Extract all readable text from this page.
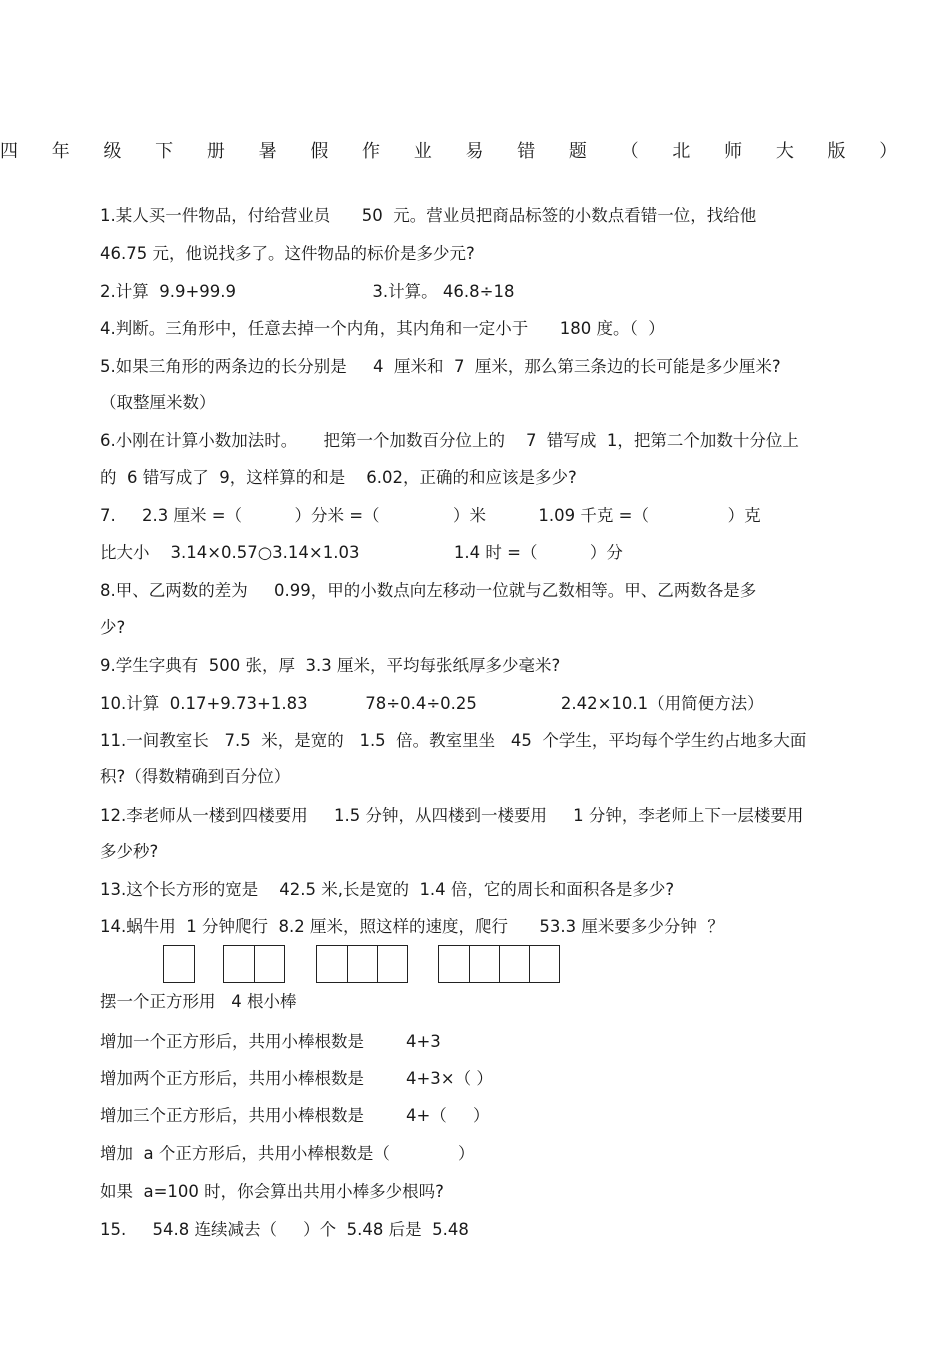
四 年 级 下 册 暑 假 作 业 易 错 题 （ 北 师 大 版 ）
1.某人买一件物品，付给营业员      50  元。营业员把商品标签的小数点看错一位，找给他
46.75 元，他说找多了。这件物品的标价是多少元?
2.计算  9.9+99.9                          3.计算。 46.8÷18
4.判断。三角形中，任意去掉一个内角，其内角和一定小于      180 度。（  ）
5.如果三角形的两条边的长分别是     4  厘米和  7  厘米，那么第三条边的长可能是多少厘米?
（取整厘米数）
6.小刚在计算小数加法时。     把第一个加数百分位上的    7  错写成  1，把第二个加数十分位上
的  6 错写成了  9，这样算的和是    6.02，正确的和应该是多少?
7.     2.3 厘米 =（          ）分米 =（              ）米          1.09 千克 =（               ）克
比大小    3.14×0.57○3.14×1.03                  1.4 时 =（          ）分
8.甲、乙两数的差为     0.99，甲的小数点向左移动一位就与乙数相等。甲、乙两数各是多
少?
9.学生字典有  500 张，厚  3.3 厘米，平均每张纸厚多少毫米?
10.计算  0.17+9.73+1.83           78÷0.4÷0.25                2.42×10.1（用简便方法）
11.一间教室长   7.5  米，是宽的   1.5  倍。教室里坐   45  个学生，平均每个学生约占地多大面
积?（得数精确到百分位）
12.李老师从一楼到四楼要用     1.5 分钟，从四楼到一楼要用     1 分钟，李老师上下一层楼要用
多少秒?
13.这个长方形的宽是    42.5 米,长是宽的  1.4 倍，它的周长和面积各是多少?
14.蜗牛用  1 分钟爬行  8.2 厘米，照这样的速度，爬行      53.3 厘米要多少分钟  ？
摆一个正方形用   4 根小棒
增加一个正方形后，共用小棒根数是        4+3
增加两个正方形后，共用小棒根数是        4+3×（ ）
增加三个正方形后，共用小棒根数是        4+（     ）
增加  a 个正方形后，共用小棒根数是（             ）
如果  a=100 时，你会算出共用小棒多少根吗?
15.     54.8 连续减去（     ）个  5.48 后是  5.48
